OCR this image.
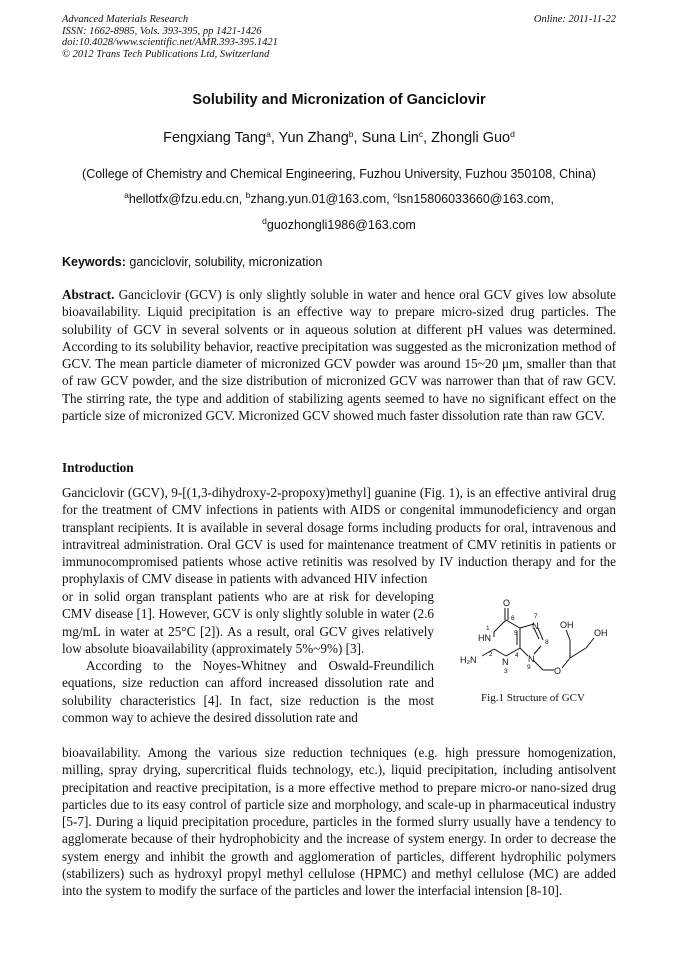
Advanced Materials Research
ISSN: 1662-8985, Vols. 393-395, pp 1421-1426
doi:10.4028/www.scientific.net/AMR.393-395.1421
© 2012 Trans Tech Publications Ltd, Switzerland
Online: 2011-11-22
Solubility and Micronization of Ganciclovir
Fengxiang Tang$^a$, Yun Zhang$^b$, Suna Lin$^c$, Zhongli Guo$^d$
(College of Chemistry and Chemical Engineering, Fuzhou University, Fuzhou 350108, China)
$^a$hellotfx@fzu.edu.cn, $^b$zhang.yun.01@163.com, $^c$lsn15806033660@163.com,
$^d$guozhongli1986@163.com
Keywords: ganciclovir, solubility, micronization
Abstract. Ganciclovir (GCV) is only slightly soluble in water and hence oral GCV gives low absolute bioavailability. Liquid precipitation is an effective way to prepare micro-sized drug particles. The solubility of GCV in several solvents or in aqueous solution at different pH values was determined. According to its solubility behavior, reactive precipitation was suggested as the micronization method of GCV. The mean particle diameter of micronized GCV powder was around 15~20 μm, smaller than that of raw GCV powder, and the size distribution of micronized GCV was narrower than that of raw GCV. The stirring rate, the type and addition of stabilizing agents seemed to have no significant effect on the particle size of micronized GCV. Micronized GCV showed much faster dissolution rate than raw GCV.
Introduction
Ganciclovir (GCV), 9-[(1,3-dihydroxy-2-propoxy)methyl] guanine (Fig. 1), is an effective antiviral drug for the treatment of CMV infections in patients with AIDS or congenital immunodeficiency and organ transplant recipients. It is available in several dosage forms including products for oral, intravenous and intravitreal administration. Oral GCV is used for maintenance treatment of CMV retinitis in patients or immunocompromised patients whose active retinitis was resolved by IV induction therapy and for the prophylaxis of CMV disease in patients with advanced HIV infection

or in solid organ transplant patients who are at risk for developing CMV disease [1]. However, GCV is only slightly soluble in water (2.6 mg/mL in water at 25°C [2]). As a result, oral GCV gives relatively low absolute bioavailability (approximately 5%~9%) [3].

According to the Noyes-Whitney and Oswald-Freundilich equations, size reduction can afford increased dissolution rate and solubility characteristics [4]. In fact, size reduction is the most common way to achieve the desired dissolution rate and

O
HN
H₂N
N
N N
O
OH
OH
1
2
3
4
5
6	7
8
9
Fig.1 Structure of GCV
bioavailability. Among the various size reduction techniques (e.g. high pressure homogenization, milling, spray drying, supercritical fluids technology, etc.), liquid precipitation, including antisolvent precipitation and reactive precipitation, is a more effective method to prepare micro-or nano-sized drug particles due to its easy control of particle size and morphology, and scale-up in pharmaceutical industry [5-7]. During a liquid precipitation procedure, particles in the formed slurry usually have a tendency to agglomerate because of their hydrophobicity and the increase of system energy. In order to decrease the system energy and inhibit the growth and agglomeration of particles, different hydrophilic polymers (stabilizers) such as hydroxyl propyl methyl cellulose (HPMC) and methyl cellulose (MC) are added into the system to modify the surface of the particles and lower the interfacial intension [8-10].
